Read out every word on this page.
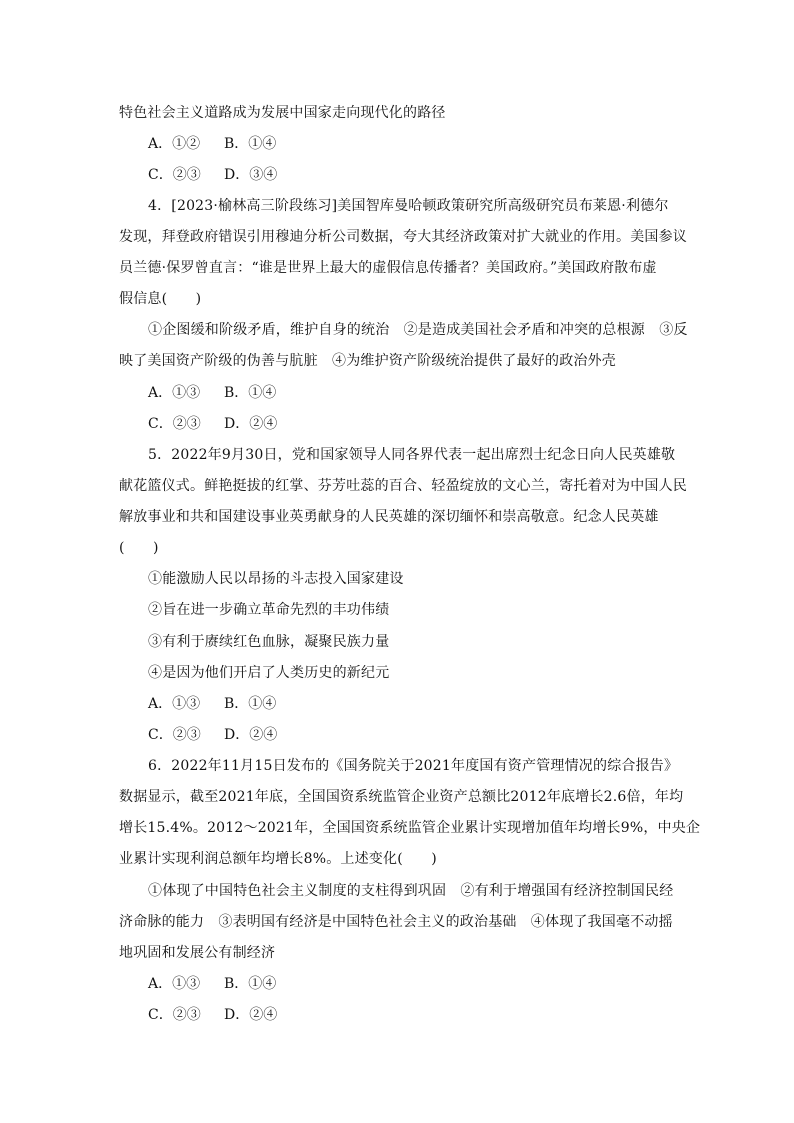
特色社会主义道路成为发展中国家走向现代化的路径
A．①② B．①④
C．②③ D．③④
4．[2023·榆林高三阶段练习]美国智库曼哈顿政策研究所高级研究员布莱恩·利德尔
发现，拜登政府错误引用穆迪分析公司数据，夸大其经济政策对扩大就业的作用。美国参议
员兰德·保罗曾直言：“谁是世界上最大的虚假信息传播者？美国政府。”美国政府散布虚
假信息(　　)
①企图缓和阶级矛盾，维护自身的统治　②是造成美国社会矛盾和冲突的总根源　③反
映了美国资产阶级的伪善与肮脏　④为维护资产阶级统治提供了最好的政治外壳
A．①③ B．①④
C．②③ D．②④
5．2022年9月30日，党和国家领导人同各界代表一起出席烈士纪念日向人民英雄敬
献花篮仪式。鲜艳挺拔的红掌、芬芳吐蕊的百合、轻盈绽放的文心兰，寄托着对为中国人民
解放事业和共和国建设事业英勇献身的人民英雄的深切缅怀和崇高敬意。纪念人民英雄
(　　)
①能激励人民以昂扬的斗志投入国家建设
②旨在进一步确立革命先烈的丰功伟绩
③有利于赓续红色血脉，凝聚民族力量
④是因为他们开启了人类历史的新纪元
A．①③ B．①④
C．②③ D．②④
6．2022年11月15日发布的《国务院关于2021年度国有资产管理情况的综合报告》
数据显示，截至2021年底，全国国资系统监管企业资产总额比2012年底增长2.6倍，年均
增长15.4%。2012～2021年，全国国资系统监管企业累计实现增加值年均增长9%，中央企
业累计实现利润总额年均增长8%。上述变化(　　)
①体现了中国特色社会主义制度的支柱得到巩固　②有利于增强国有经济控制国民经
济命脉的能力　③表明国有经济是中国特色社会主义的政治基础　④体现了我国毫不动摇
地巩固和发展公有制经济
A．①③ B．①④
C．②③ D．②④
